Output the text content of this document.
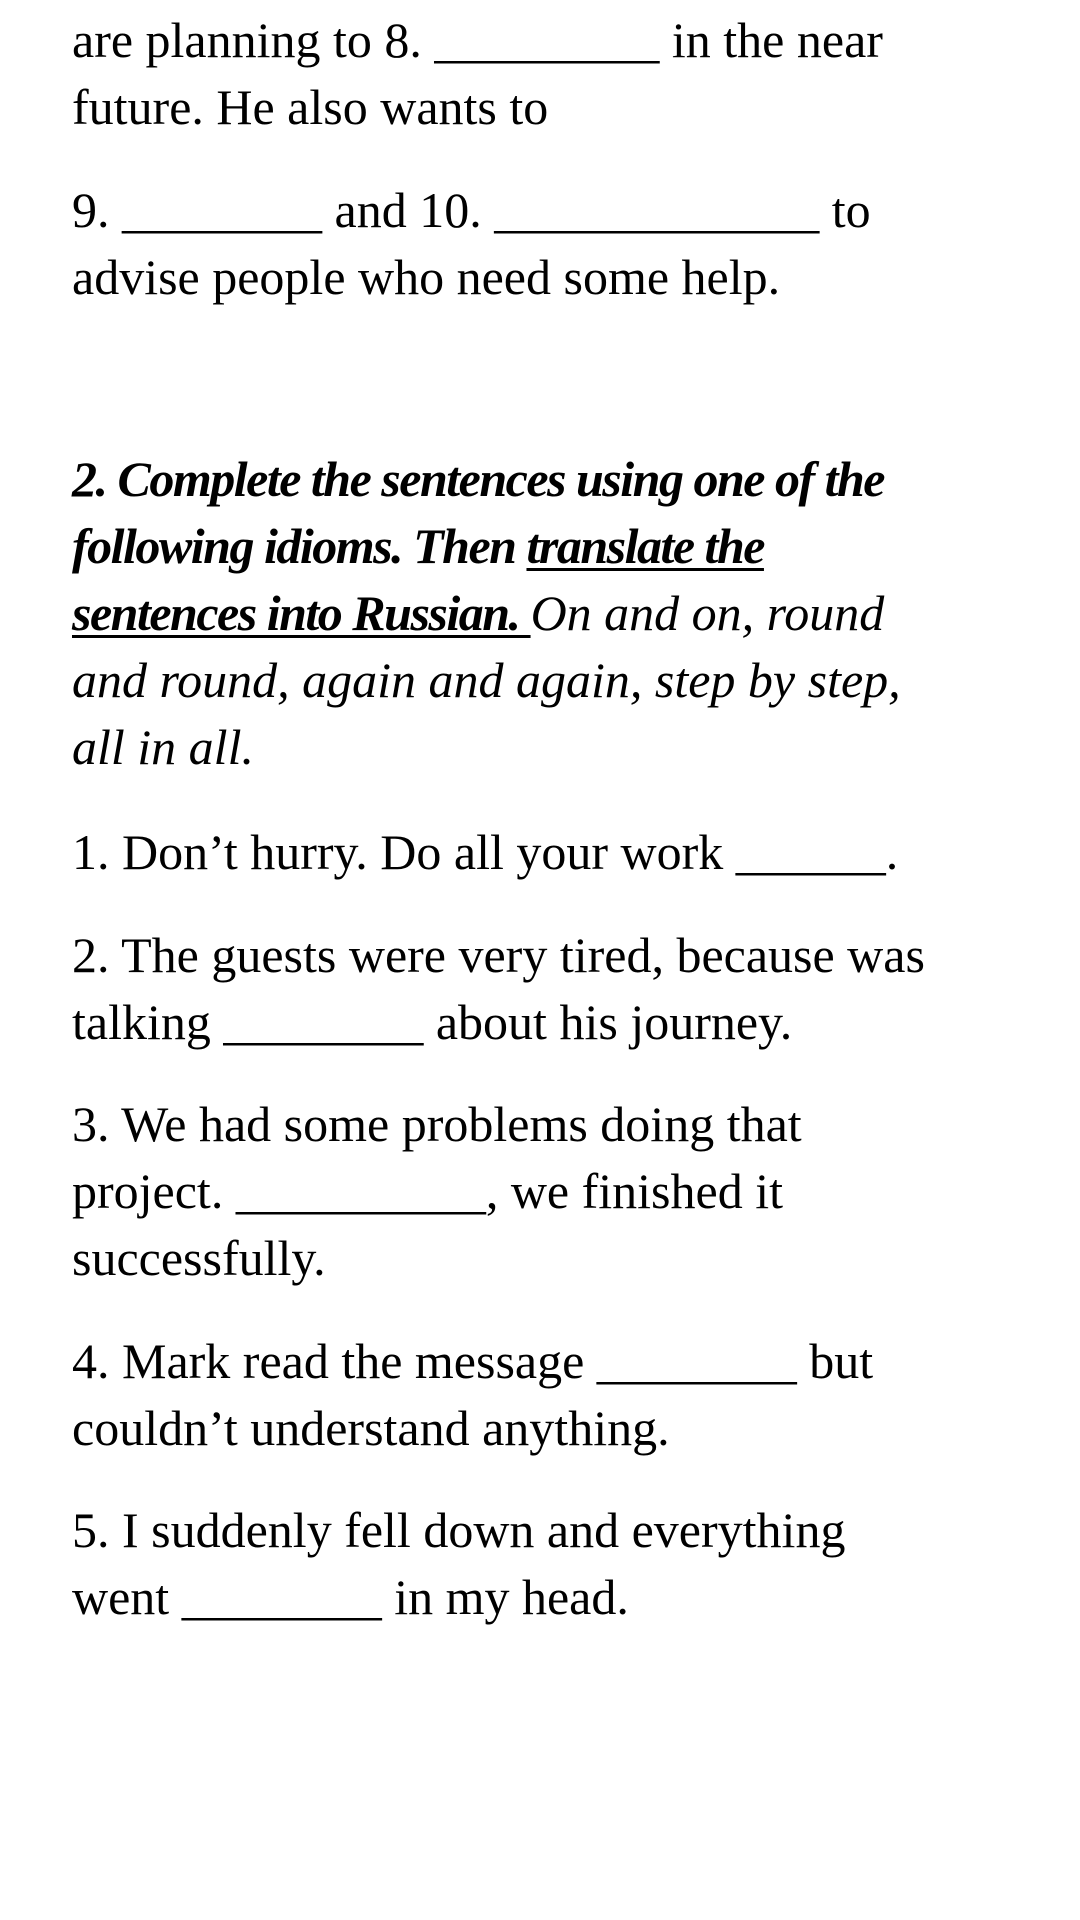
are planning to 8. _________ in the near
future. He also wants to

9. ________ and 10. _____________ to
advise people who need some help.

2. Complete the sentences using one of the
following idioms. Then translate the
sentences into Russian. On and on, round
and round, again and again, step by step,
all in all.

1. Don’t hurry. Do all your work ______.

2. The guests were very tired, because was
talking ________ about his journey.

3. We had some problems doing that
project. __________, we finished it
successfully.

4. Mark read the message ________ but
couldn’t understand anything.

5. I suddenly fell down and everything
went ________ in my head.
